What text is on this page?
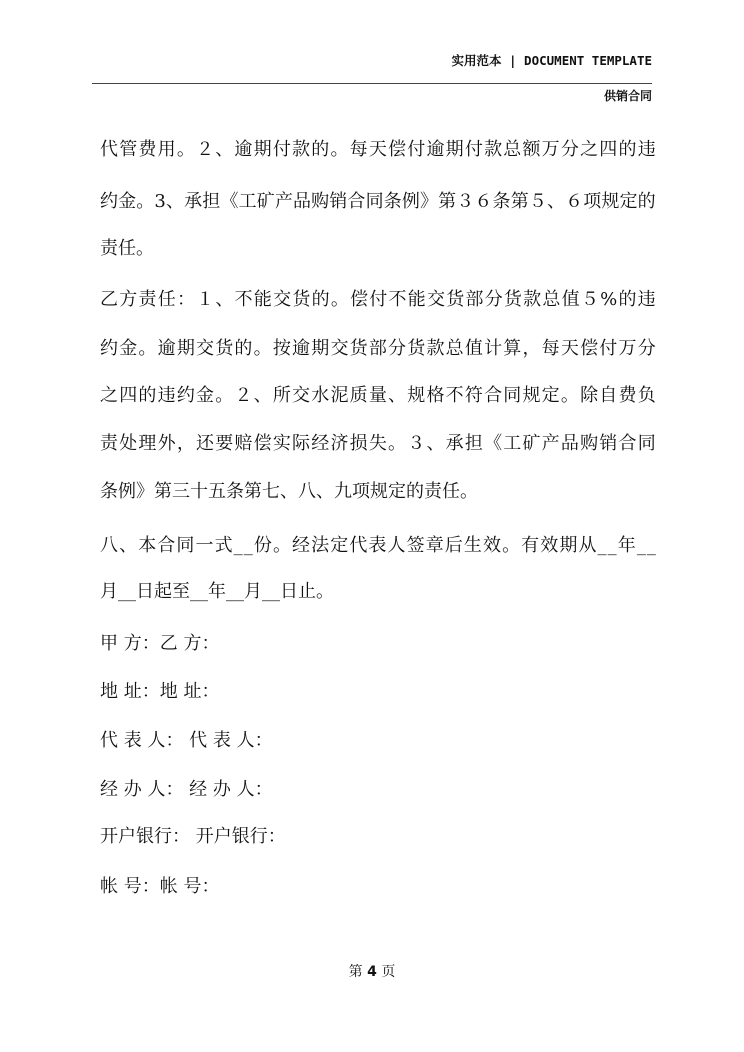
实用范本 | DOCUMENT TEMPLATE
供销合同

代 管 费 用 。 ２ 、 逾 期 付 款 的 。 每 天 偿 付 逾 期 付 款 总 额 万 分 之 四 的 违

约 金 。 3 、 承 担 《 工 矿 产 品 购 销 合 同 条 例 》 第 ３ ６ 条 第 ５ 、 ６ 项 规 定 的

责任。

乙 方 责 任 ： １ 、 不 能 交 货 的 。 偿 付 不 能 交 货 部 分 货 款 总 值 ５ % 的 违

约 金 。 逾 期 交 货 的 。 按 逾 期 交 货 部 分 货 款 总 值 计 算 ， 每 天 偿 付 万 分

之 四 的 违 约 金 。 ２ 、 所 交 水 泥 质 量 、 规 格 不 符 合 同 规 定 。 除 自 费 负

责 处 理 外 ， 还 要 赔 偿 实 际 经 济 损 失 。 ３ 、 承 担 《 工 矿 产 品 购 销 合 同

条例》第三十五条第七、八、九项规定的责任。

八 、 本 合 同 一 式 _ _ 份 。 经 法 定 代 表 人 签 章 后 生 效 。 有 效 期 从 _ _ 年 _ _

月__日起至__年__月__日止。

甲 方：乙 方：

地 址：地 址：

代 表 人： 代 表 人：

经 办 人： 经 办 人：

开户银行： 开户银行：

帐 号：帐 号：

第 4 页
